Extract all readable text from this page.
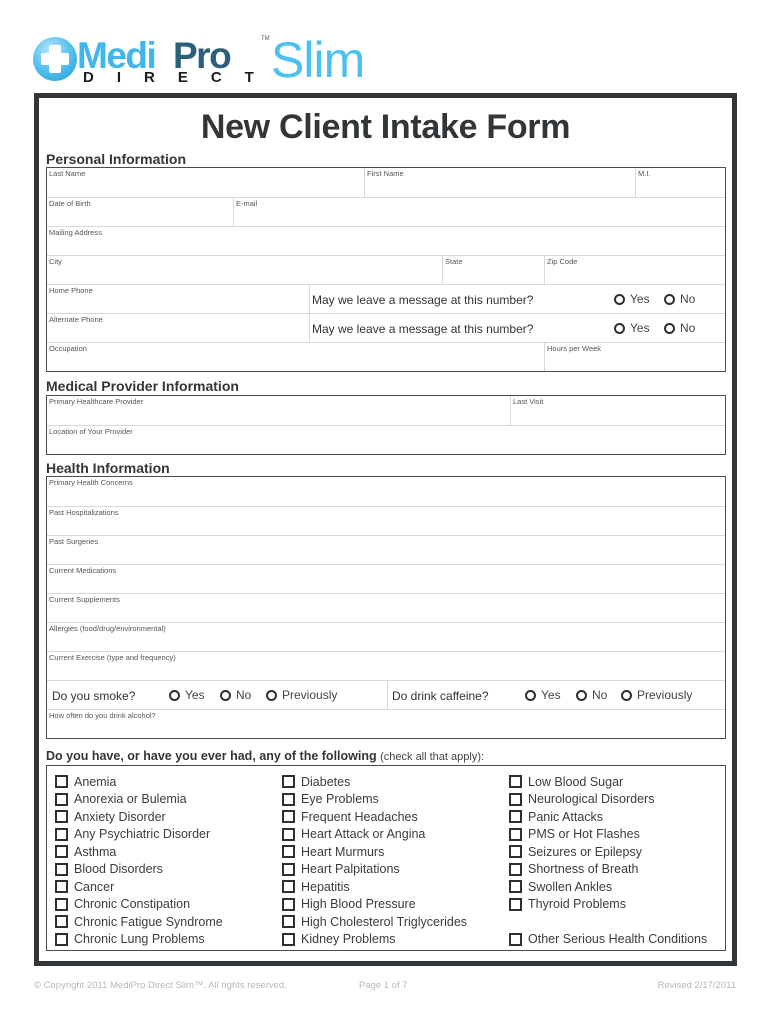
Medi Pro	TM Slim
DIRECT
New Client Intake Form
Personal Information
Last Name	First Name	M.I.
Date of Birth	E-mail
Mailing Address
City	State	Zip Code
Home Phone
May we leave a message at this number?	Yes	No
Alternate Phone
May we leave a message at this number?	Yes	No
Occupation	Hours per Week
Medical Provider Information
Primary Healthcare Provider	Last Visit
Location of Your Provider
Health Information
Primary Health Concerns
Past Hospitalizations
Past Surgeries
Current Medications
Current Supplements
Allergies (food/drug/environmental)
Current Exercise (type and frequency)
Do you smoke?	Yes	No	Previously	Do drink caffeine?	Yes	No Previously
How often do you drink alcohol?
Do you have, or have you ever had, any of the following (check all that apply):
Anemia
Anorexia or Bulemia
Anxiety Disorder
Any Psychiatric Disorder
Asthma
Blood Disorders
Cancer
Chronic Constipation
Chronic Fatigue Syndrome
Chronic Lung Problems
Diabetes
Eye Problems
Frequent Headaches
Heart Attack or Angina
Heart Murmurs
Heart Palpitations
Hepatitis
High Blood Pressure
High Cholesterol Triglycerides
Kidney Problems
Low Blood Sugar
Neurological Disorders
Panic Attacks
PMS or Hot Flashes
Seizures or Epilepsy
Shortness of Breath
Swollen Ankles
Thyroid Problems
Other Serious Health Conditions
© Copyright 2011 MediPro Direct Slim™. All rights reserved.	Page 1 of 7	Revised 2/17/2011
